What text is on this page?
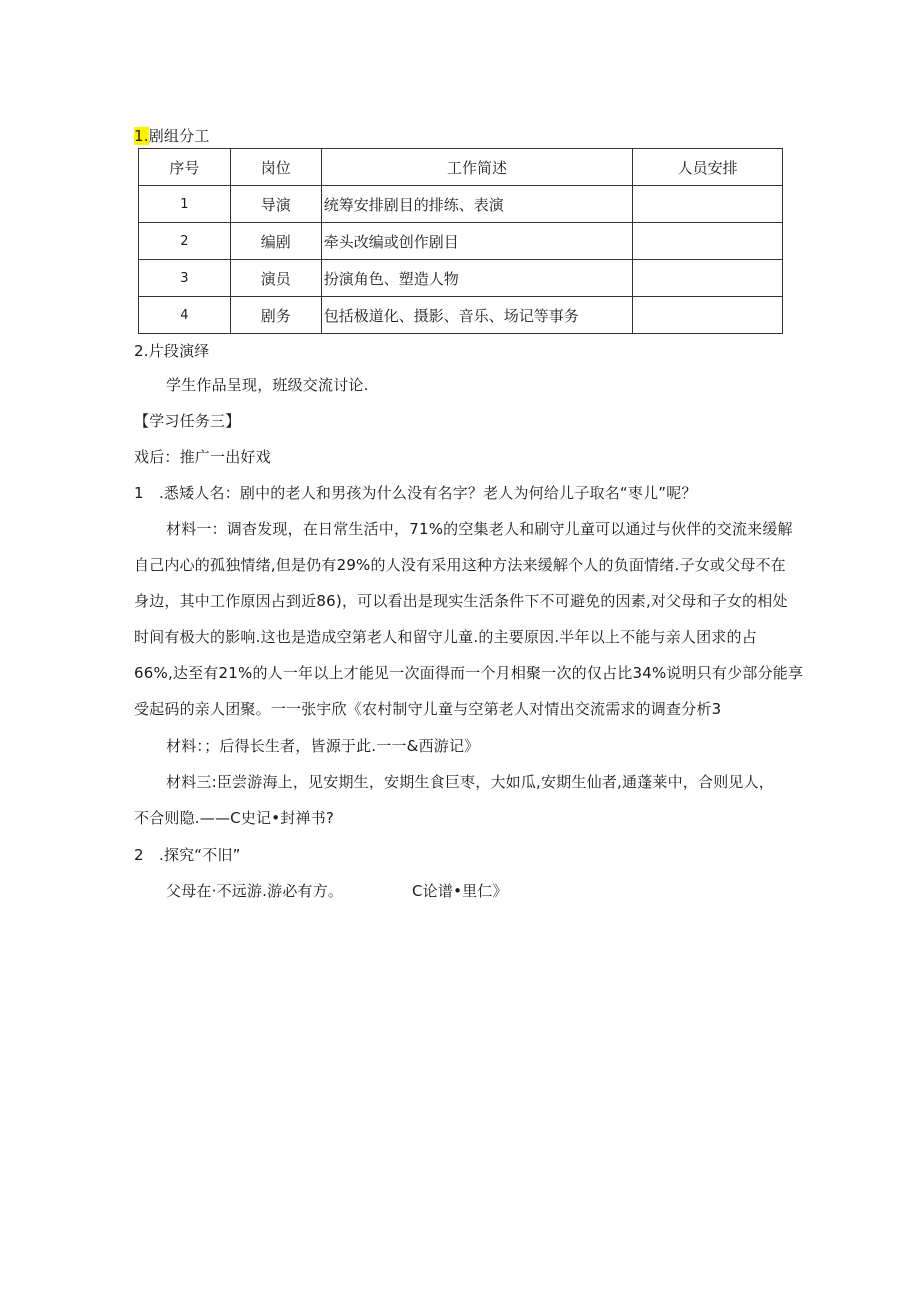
1.剧组分工
序号	岗位	工作简述	人员安排
1	导演	统筹安排剧目的排练、表演	
2	编剧	牵头改编或创作剧目	
3	演员	扮演角色、塑造人物	
4	剧务	包括极道化、摄影、音乐、场记等事务	
2.片段演绎
学生作品呈现，班级交流讨论.
【学习任务三】
戏后：推广一出好戏
1　.悉矮人名：剧中的老人和男孩为什么没有名字？老人为何给儿子取名“枣儿”呢？
材料一：调杳发现，在日常生活中，71%的空集老人和刷守儿童可以通过与伙伴的交流来缓解
自己内心的孤独情绪,但是仍有29%的人没有采用这种方法来缓解个人的负面情绪.子女或父母不在
身边，其中工作原因占到近86)，可以看出是现实生活条件下不可避免的因素,对父母和子女的相处
时间有极大的影响.这也是造成空第老人和留守儿童.的主要原因.半年以上不能与亲人团求的占
66%,达至有21%的人一年以上才能见一次面得而一个月相聚一次的仅占比34%说明只有少部分能享
受起码的亲人团聚。一一张宇欣《农村制守儿童与空第老人对情出交流需求的调查分析3
材料：；后得长生者，皆源于此.一一&西游记》
材料三:臣尝游海上，见安期生，安期生食巨枣，大如瓜,安期生仙者,通蓬莱中，合则见人，
不合则隐.——C史记•封禅书?
2　.探究“不旧”
父母在·不远游.游必有方。	C论谱•里仁》
